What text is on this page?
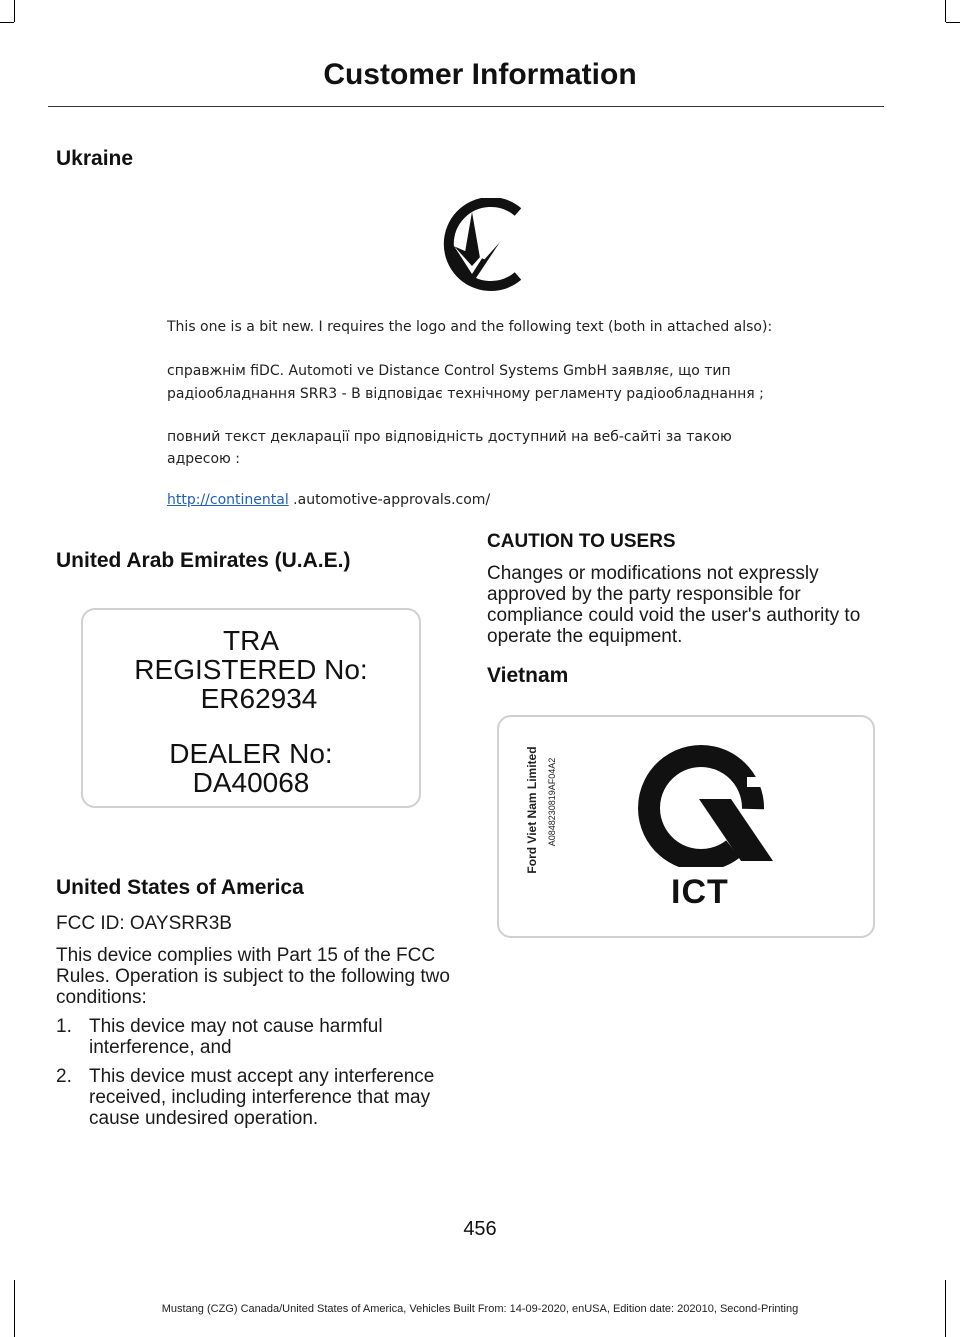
Customer Information
Ukraine
This one is a bit new. I requires the logo and the following text (both in attached also):
справжнім fiDC. Automoti ve Distance Control Systems GmbH заявляє, що тип
радіообладнання SRR3 - В відповідає технічному регламенту радіообладнання ;
повний текст декларації про відповідність доступний на веб-сайті за такою
адресою :
http://continental .automotive-approvals.com/
United Arab Emirates (U.A.E.)
TRA
REGISTERED No:
ER62934
DEALER No:
DA40068
United States of America
FCC ID: OAYSRR3B
This device complies with Part 15 of the FCC Rules. Operation is subject to the following two conditions:
1. This device may not cause harmful interference, and
2. This device must accept any interference received, including interference that may cause undesired operation.
CAUTION TO USERS
Changes or modifications not expressly approved by the party responsible for compliance could void the user's authority to operate the equipment.
Vietnam
Ford Viet Nam Limited A0848230819AF04A2
ICT
456
Mustang (CZG) Canada/United States of America, Vehicles Built From: 14-09-2020, enUSA, Edition date: 202010, Second-Printing
